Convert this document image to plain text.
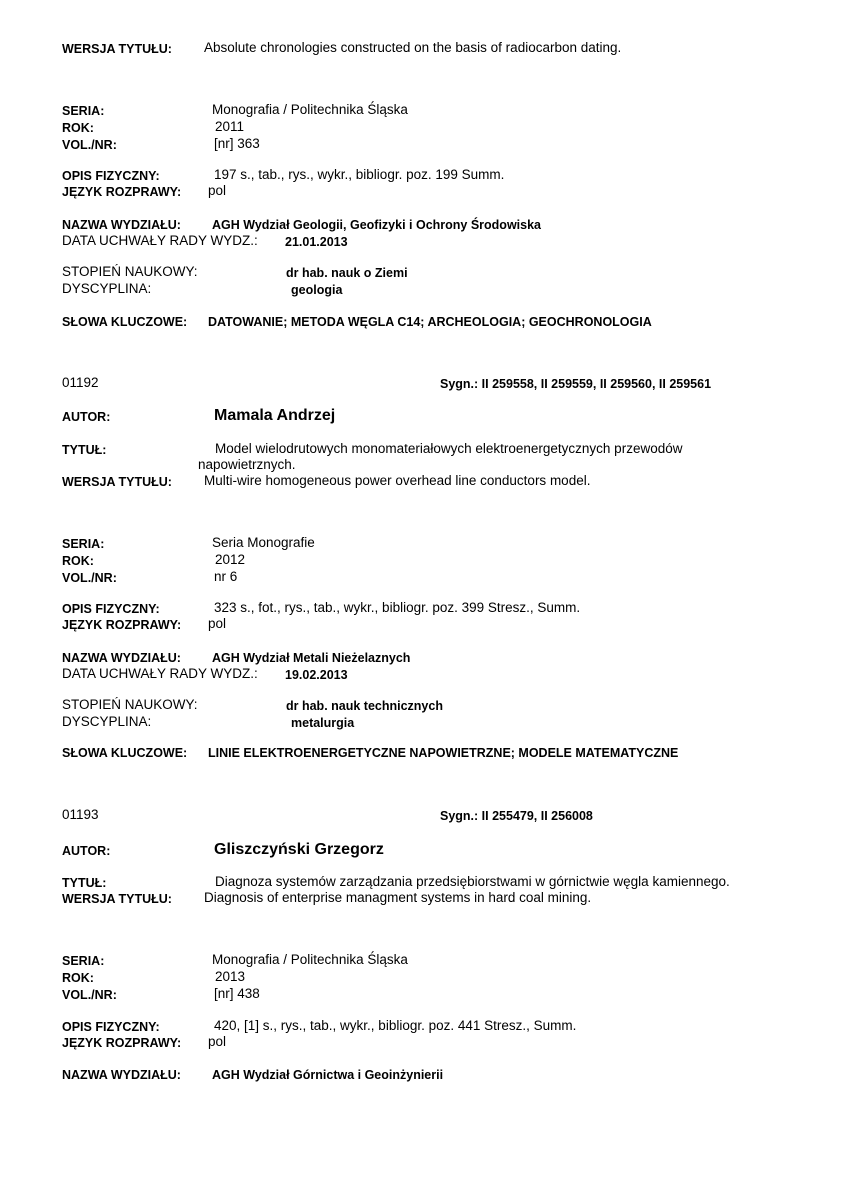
WERSJA TYTUŁU: Absolute chronologies constructed on the basis of radiocarbon dating.
SERIA:	Monografia / Politechnika Śląska
ROK:	2011
VOL./NR:	[nr] 363
OPIS FIZYCZNY:	197 s., tab., rys., wykr., bibliogr. poz. 199 Summ.
JĘZYK ROZPRAWY: pol
NAZWA WYDZIAŁU: AGH Wydział Geologii, Geofizyki i Ochrony Środowiska
DATA UCHWAŁY RADY WYDZ.: 21.01.2013
STOPIEŃ NAUKOWY:	dr hab. nauk o Ziemi
DYSCYPLINA:	geologia
SŁOWA KLUCZOWE: DATOWANIE; METODA WĘGLA C14; ARCHEOLOGIA; GEOCHRONOLOGIA
01192	Sygn.: II 259558, II 259559, II 259560, II 259561
AUTOR:	Mamala Andrzej
TYTUŁ:	Model wielodrutowych monomateriałowych elektroenergetycznych przewodów
napowietrznych.
WERSJA TYTUŁU: Multi-wire homogeneous power overhead line conductors model.
SERIA:	Seria Monografie
ROK:	2012
VOL./NR:	nr 6
OPIS FIZYCZNY:	323 s., fot., rys., tab., wykr., bibliogr. poz. 399 Stresz., Summ.
JĘZYK ROZPRAWY: pol
NAZWA WYDZIAŁU: AGH Wydział Metali Nieżelaznych
DATA UCHWAŁY RADY WYDZ.: 19.02.2013
STOPIEŃ NAUKOWY:	dr hab. nauk technicznych
DYSCYPLINA:	metalurgia
SŁOWA KLUCZOWE: LINIE ELEKTROENERGETYCZNE NAPOWIETRZNE; MODELE MATEMATYCZNE
01193	Sygn.: II 255479, II 256008
AUTOR:	Gliszczyński Grzegorz
TYTUŁ:	Diagnoza systemów zarządzania przedsiębiorstwami w górnictwie węgla kamiennego.
WERSJA TYTUŁU: Diagnosis of enterprise managment systems in hard coal mining.
SERIA:	Monografia / Politechnika Śląska
ROK:	2013
VOL./NR:	[nr] 438
OPIS FIZYCZNY:	420, [1] s., rys., tab., wykr., bibliogr. poz. 441 Stresz., Summ.
JĘZYK ROZPRAWY: pol
NAZWA WYDZIAŁU: AGH Wydział Górnictwa i Geoinżynierii
